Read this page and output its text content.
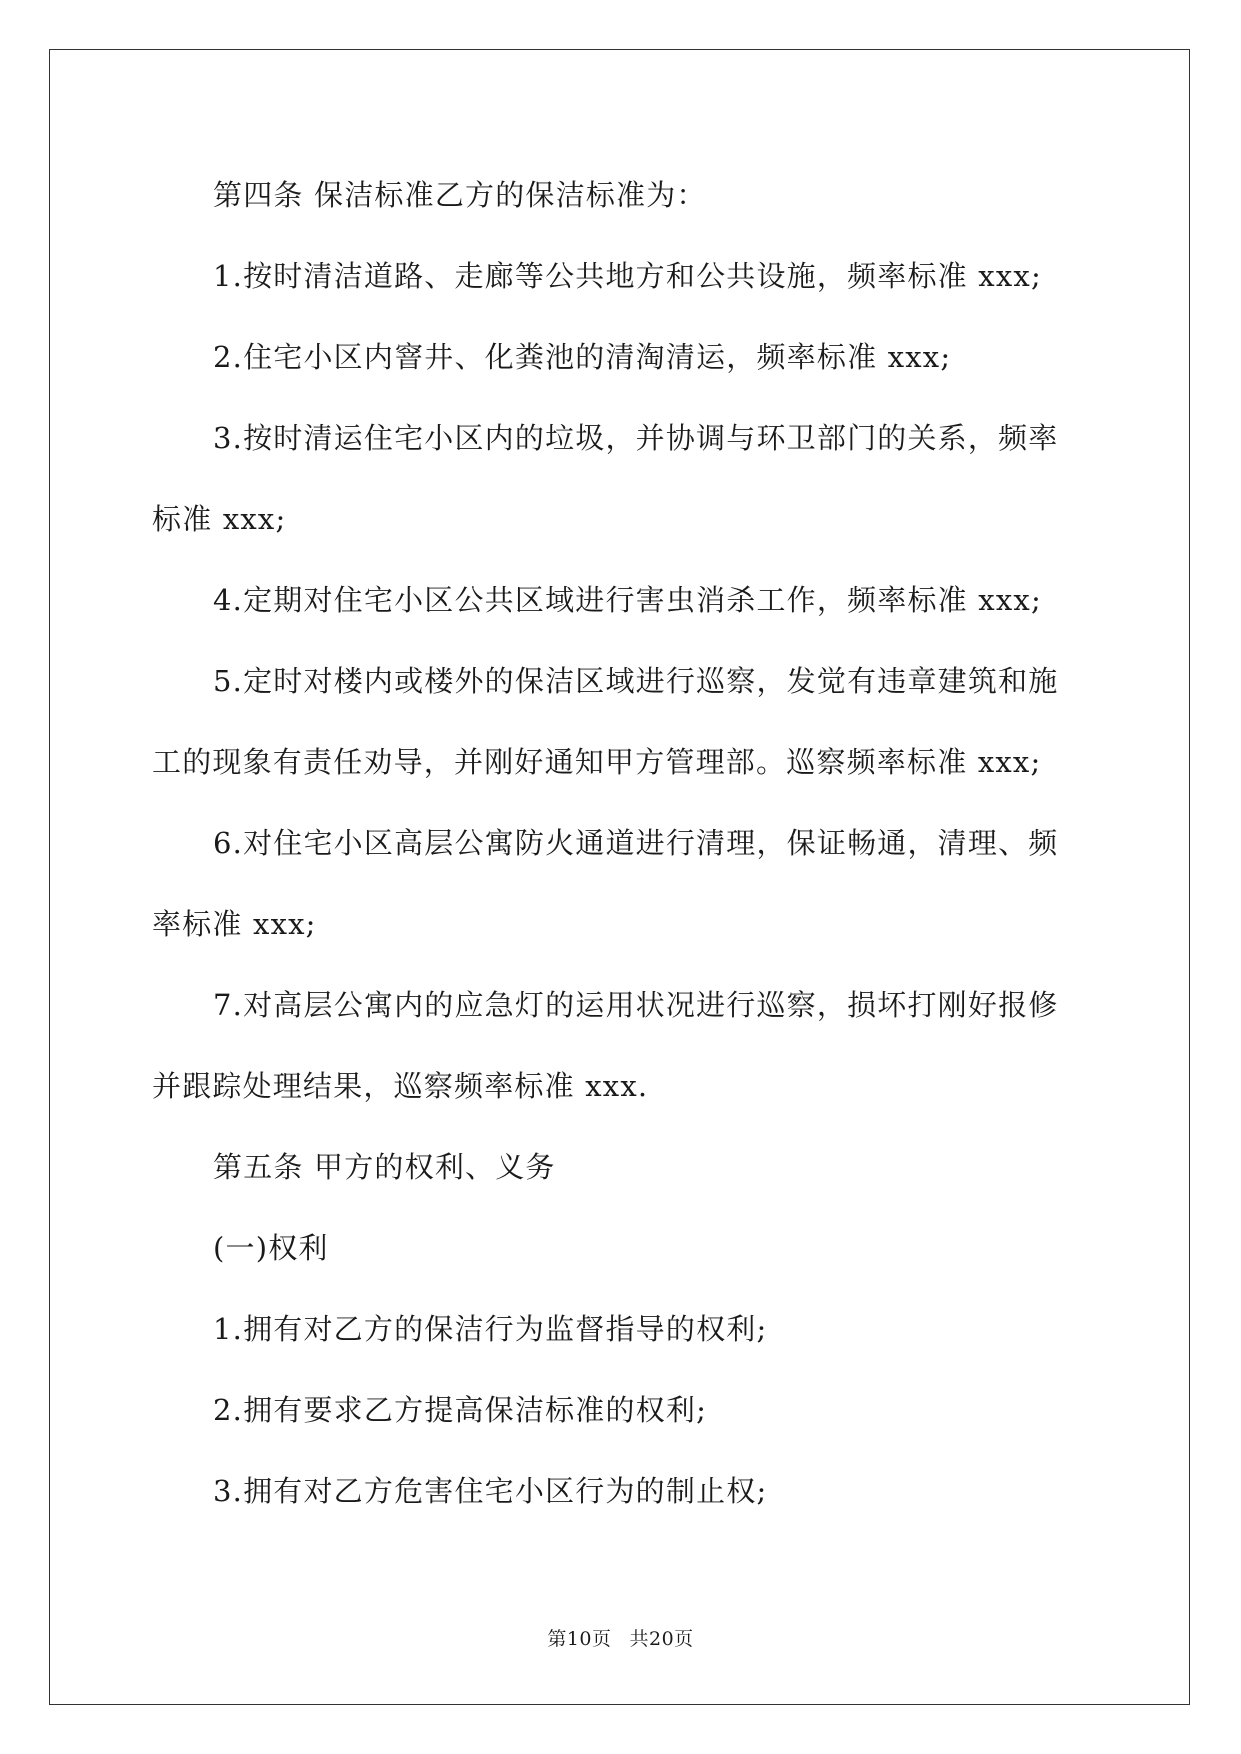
第四条 保洁标准乙方的保洁标准为：

1.按时清洁道路、走廊等公共地方和公共设施，频率标准 xxx;

2.住宅小区内窨井、化粪池的清淘清运，频率标准 xxx;

3.按时清运住宅小区内的垃圾，并协调与环卫部门的关系，频率标准 xxx;

4.定期对住宅小区公共区域进行害虫消杀工作，频率标准 xxx;

5.定时对楼内或楼外的保洁区域进行巡察，发觉有违章建筑和施工的现象有责任劝导，并刚好通知甲方管理部。巡察频率标准 xxx;

6.对住宅小区高层公寓防火通道进行清理，保证畅通，清理、频率标准 xxx;

7.对高层公寓内的应急灯的运用状况进行巡察，损坏打刚好报修并跟踪处理结果，巡察频率标准 xxx.

第五条 甲方的权利、义务

(一)权利

1.拥有对乙方的保洁行为监督指导的权利;

2.拥有要求乙方提高保洁标准的权利;

3.拥有对乙方危害住宅小区行为的制止权;

第10页 共20页
